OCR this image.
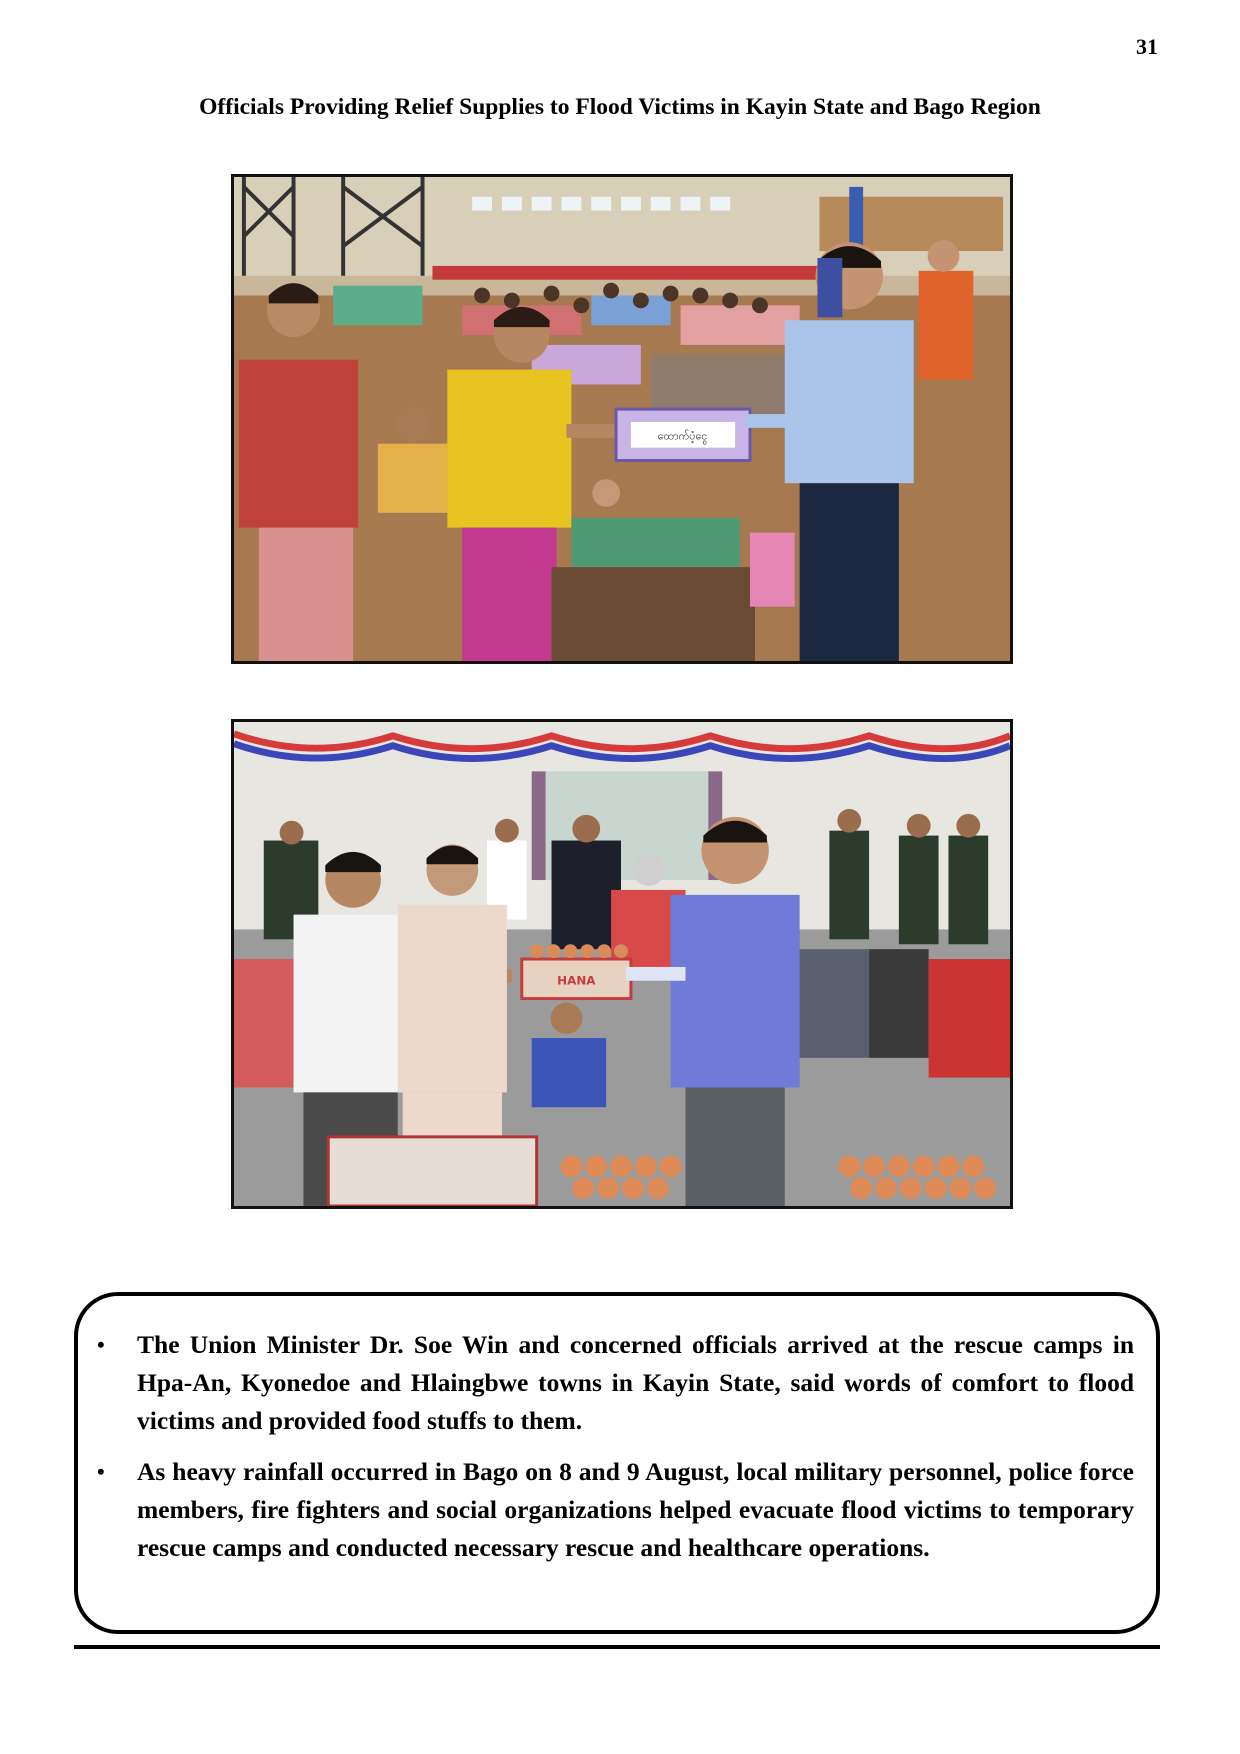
31
Officials Providing Relief Supplies to Flood Victims in Kayin State and Bago Region
ထောက်ပံ့ငွေ
HANA
• The Union Minister Dr. Soe Win and concerned officials arrived at the rescue camps in Hpa-An, Kyonedoe and Hlaingbwe towns in Kayin State, said words of comfort to flood victims and provided food stuffs to them.
• As heavy rainfall occurred in Bago on 8 and 9 August, local military personnel, police force members, fire fighters and social organizations helped evacuate flood victims to temporary rescue camps and conducted necessary rescue and healthcare operations.
